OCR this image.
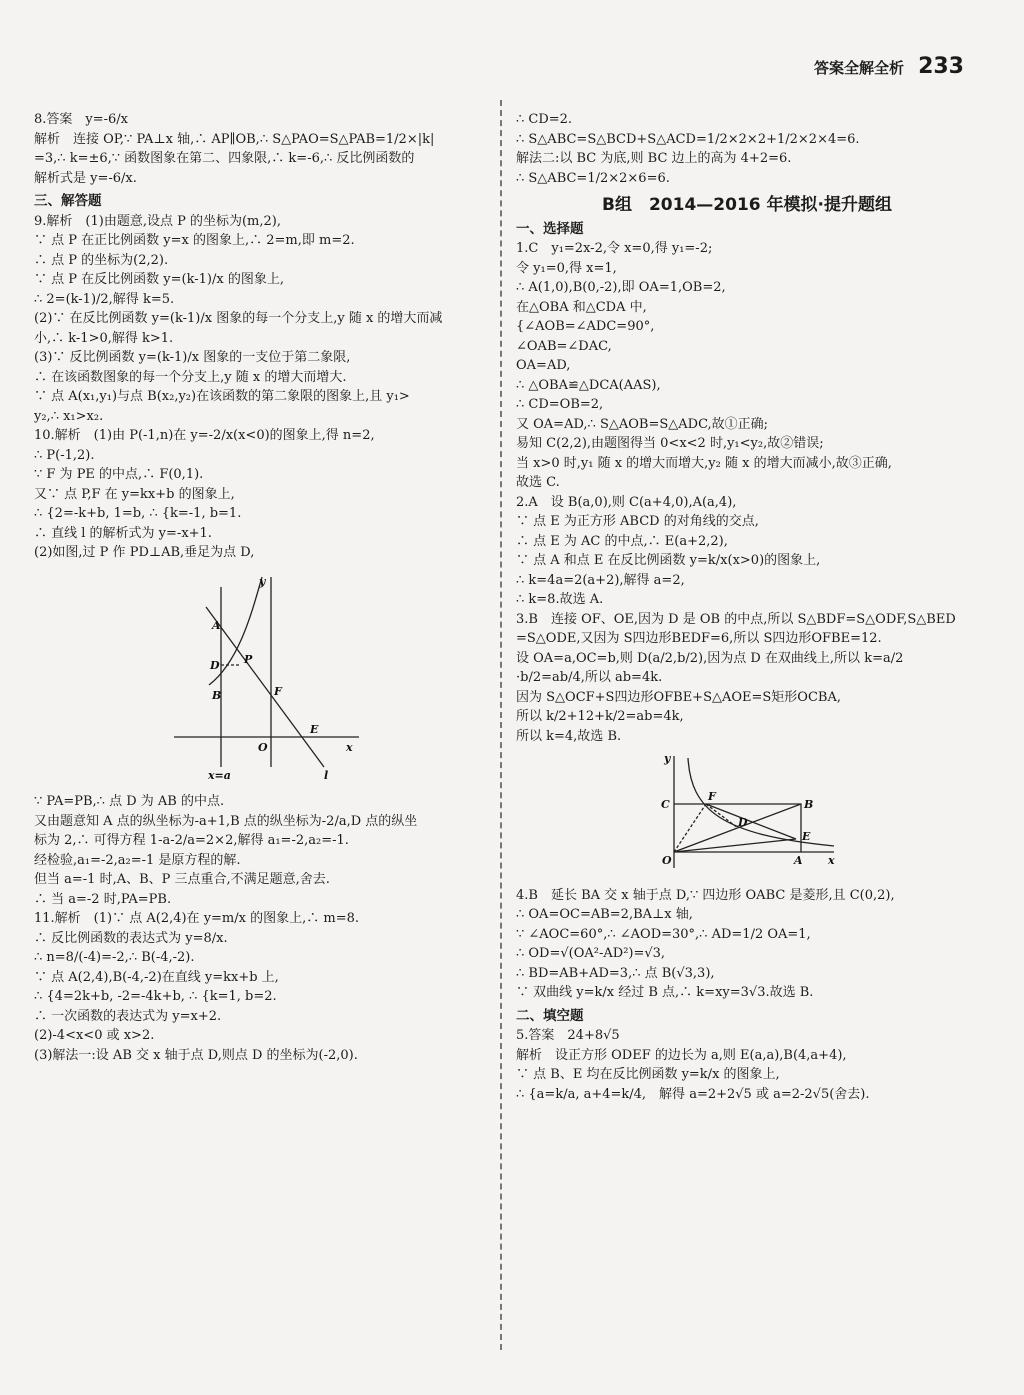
答案全解全析 233
8.答案　y=-6/x
解析　连接 OP,∵ PA⊥x 轴,∴ AP∥OB,∴ S△PAO=S△PAB=1/2×|k|
=3,∴ k=±6,∵ 函数图象在第二、四象限,∴ k=-6,∴ 反比例函数的
解析式是 y=-6/x.
三、解答题
9.解析　(1)由题意,设点 P 的坐标为(m,2),
∵ 点 P 在正比例函数 y=x 的图象上,∴ 2=m,即 m=2.
∴ 点 P 的坐标为(2,2).
∵ 点 P 在反比例函数 y=(k-1)/x 的图象上,
∴ 2=(k-1)/2,解得 k=5.
(2)∵ 在反比例函数 y=(k-1)/x 图象的每一个分支上,y 随 x 的增大而减
小,∴ k-1>0,解得 k>1.
(3)∵ 反比例函数 y=(k-1)/x 图象的一支位于第二象限,
∴ 在该函数图象的每一个分支上,y 随 x 的增大而增大.
∵ 点 A(x₁,y₁)与点 B(x₂,y₂)在该函数的第二象限的图象上,且 y₁>
y₂,∴ x₁>x₂.
10.解析　(1)由 P(-1,n)在 y=-2/x(x<0)的图象上,得 n=2,
∴ P(-1,2).
∵ F 为 PE 的中点,∴ F(0,1).
又∵ 点 P,F 在 y=kx+b 的图象上,
∴ {2=-k+b, 1=b, ∴ {k=-1, b=1.
∴ 直线 l 的解析式为 y=-x+1.
(2)如图,过 P 作 PD⊥AB,垂足为点 D,
A
D P
B	F
E
O	x
y
l
x=a
∵ PA=PB,∴ 点 D 为 AB 的中点.
又由题意知 A 点的纵坐标为-a+1,B 点的纵坐标为-2/a,D 点的纵坐
标为 2,∴ 可得方程 1-a-2/a=2×2,解得 a₁=-2,a₂=-1.
经检验,a₁=-2,a₂=-1 是原方程的解.
但当 a=-1 时,A、B、P 三点重合,不满足题意,舍去.
∴ 当 a=-2 时,PA=PB.
11.解析　(1)∵ 点 A(2,4)在 y=m/x 的图象上,∴ m=8.
∴ 反比例函数的表达式为 y=8/x.
∴ n=8/(-4)=-2,∴ B(-4,-2).
∵ 点 A(2,4),B(-4,-2)在直线 y=kx+b 上,
∴ {4=2k+b, -2=-4k+b, ∴ {k=1, b=2.
∴ 一次函数的表达式为 y=x+2.
(2)-4<x<0 或 x>2.
(3)解法一:设 AB 交 x 轴于点 D,则点 D 的坐标为(-2,0).
∴ CD=2.
∴ S△ABC=S△BCD+S△ACD=1/2×2×2+1/2×2×4=6.
解法二:以 BC 为底,则 BC 边上的高为 4+2=6.
∴ S△ABC=1/2×2×6=6.
B组　2014—2016 年模拟·提升题组
一、选择题
1.C　y₁=2x-2,令 x=0,得 y₁=-2;
令 y₁=0,得 x=1,
∴ A(1,0),B(0,-2),即 OA=1,OB=2,
在△OBA 和△CDA 中,
{∠AOB=∠ADC=90°,
∠OAB=∠DAC,
OA=AD,
∴ △OBA≌△DCA(AAS),
∴ CD=OB=2,
又 OA=AD,∴ S△AOB=S△ADC,故①正确;
易知 C(2,2),由题图得当 0<x<2 时,y₁<y₂,故②错误;
当 x>0 时,y₁ 随 x 的增大而增大,y₂ 随 x 的增大而减小,故③正确,
故选 C.
2.A　设 B(a,0),则 C(a+4,0),A(a,4),
∵ 点 E 为正方形 ABCD 的对角线的交点,
∴ 点 E 为 AC 的中点,∴ E(a+2,2),
∵ 点 A 和点 E 在反比例函数 y=k/x(x>0)的图象上,
∴ k=4a=2(a+2),解得 a=2,
∴ k=8.故选 A.
3.B　连接 OF、OE,因为 D 是 OB 的中点,所以 S△BDF=S△ODF,S△BED
=S△ODE,又因为 S四边形BEDF=6,所以 S四边形OFBE=12.
设 OA=a,OC=b,则 D(a/2,b/2),因为点 D 在双曲线上,所以 k=a/2
·b/2=ab/4,所以 ab=4k.
因为 S△OCF+S四边形OFBE+S△AOE=S矩形OCBA,
所以 k/2+12+k/2=ab=4k,
所以 k=4,故选 B.
C
F
B
D
E
O	A x
y
4.B　延长 BA 交 x 轴于点 D,∵ 四边形 OABC 是菱形,且 C(0,2),
∴ OA=OC=AB=2,BA⊥x 轴,
∵ ∠AOC=60°,∴ ∠AOD=30°,∴ AD=1/2 OA=1,
∴ OD=√(OA²-AD²)=√3,
∴ BD=AB+AD=3,∴ 点 B(√3,3),
∵ 双曲线 y=k/x 经过 B 点,∴ k=xy=3√3.故选 B.
二、填空题
5.答案　24+8√5
解析　设正方形 ODEF 的边长为 a,则 E(a,a),B(4,a+4),
∵ 点 B、E 均在反比例函数 y=k/x 的图象上,
∴ {a=k/a, a+4=k/4,　解得 a=2+2√5 或 a=2-2√5(舍去).
